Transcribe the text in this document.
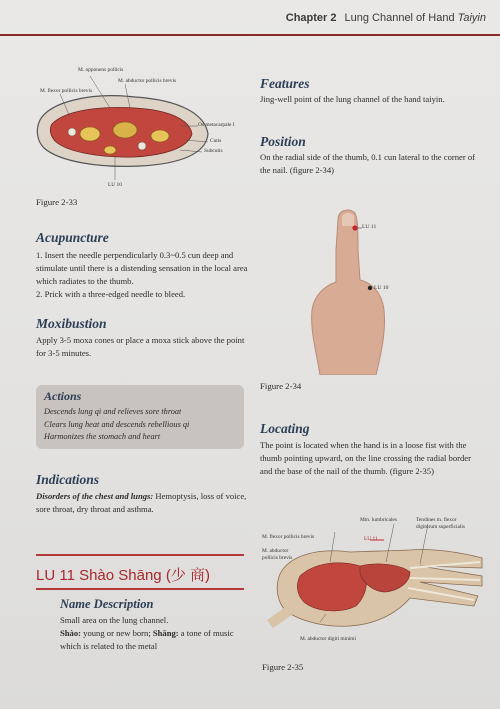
Chapter 2 Lung Channel of Hand Taiyin
M. opponens pollicis
M. abductor pollicis brevis
M. flexor pollicis brevis
Os metacarpale I
Cutis
Subcutis
LU 10
Figure 2-33
Features
Jing-well point of the lung channel of the hand taiyin.
Position
On the radial side of the thumb, 0.1 cun lateral to the corner of the nail. (figure 2-34)
LU 11
LU 10
Figure 2-34
Acupuncture
1. Insert the needle perpendicularly 0.3~0.5 cun deep and stimulate until there is a distending sensation in the local area which radiates to the thumb.
2. Prick with a three-edged needle to bleed.
Moxibustion
Apply 3-5 moxa cones or place a moxa stick above the point for 3-5 minutes.
Actions
Descends lung qi and relieves sore throat
Clears lung heat and descends rebellious qi
Harmonizes the stomach and heart
Locating
The point is located when the hand is in a loose fist with the thumb pointing upward, on the line crossing the radial border and the base of the nail of the thumb. (figure 2-35)
Indications
Disorders of the chest and lungs: Hemoptysis, loss of voice, sore throat, dry throat and asthma.
LU 11 Shào Shāng (少 商)
Name Description
Small area on the lung channel.
Shào: young or new born; Shāng: a tone of music which is related to the metal
Mm. lumbricales	Tendines m. flexor
digitorum superficialis
M. flexor pollicis brevis
M. abductor
pollicis brevis
LU 11
M. abductor digiti minimi
Figure 2-35
